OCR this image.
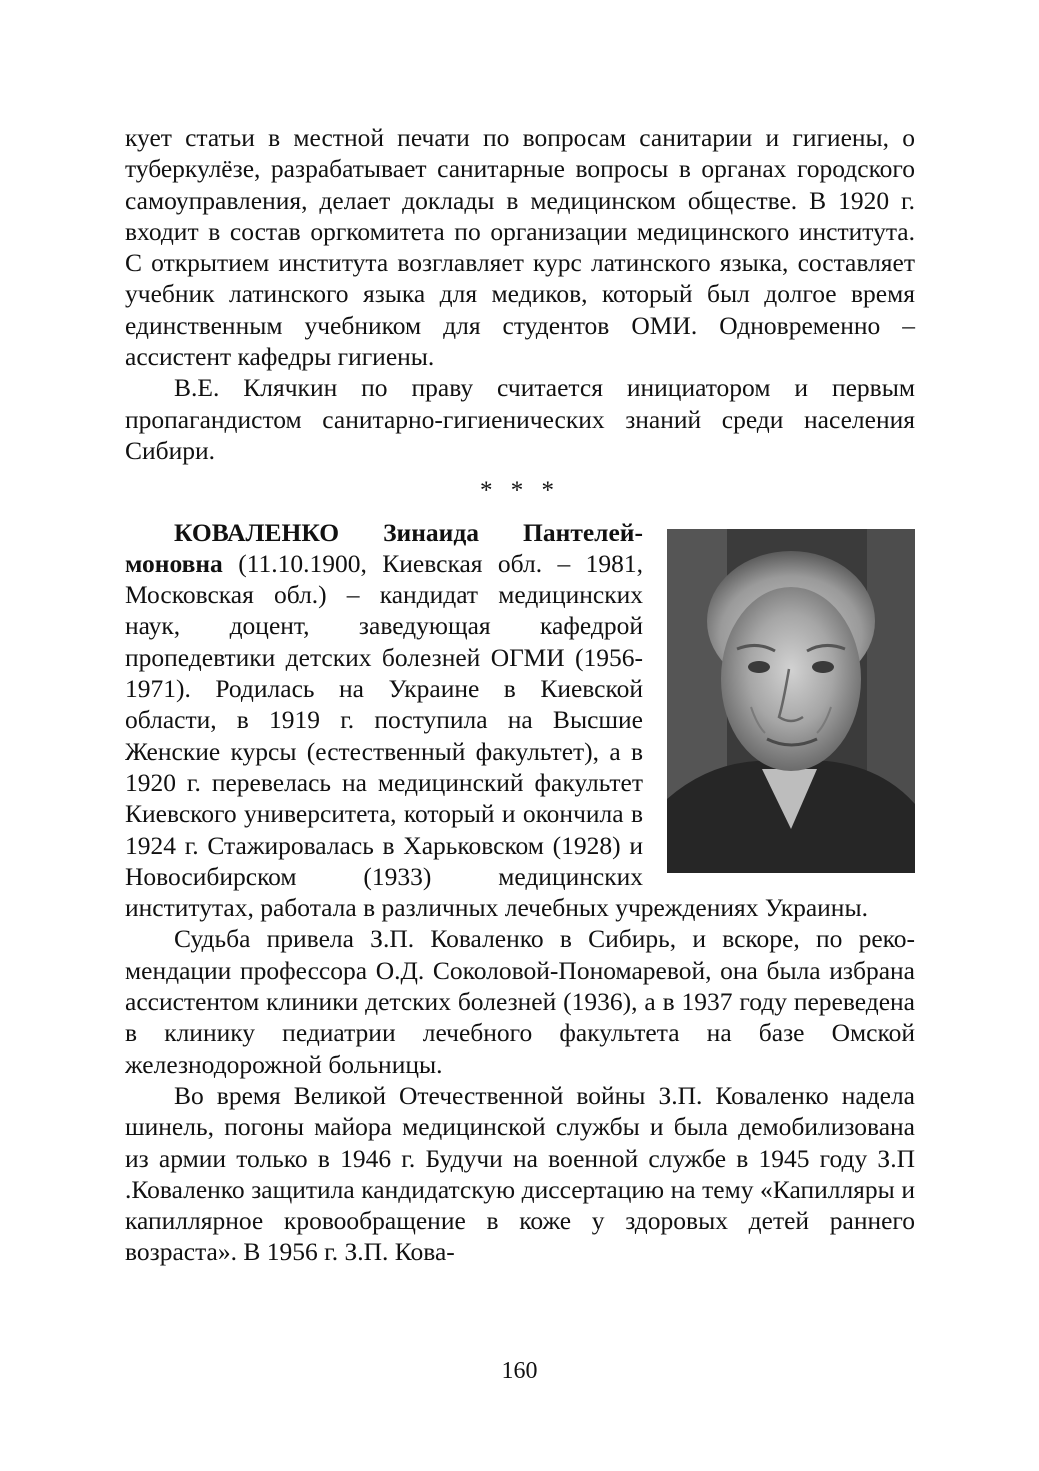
кует статьи в местной печати по вопросам санитарии и гигиены, о туберкулёзе, разрабатывает санитарные вопросы в органах городского самоуправления, делает доклады в медицинском обществе. В 1920 г. входит в состав оргкомитета по организации медицинского института. С открытием института возглавляет курс латинского языка, составляет учебник латинского языка для медиков, который был долгое время единственным учебником для студентов ОМИ. Одновременно – ассистент кафедры гигиены.

В.Е. Клячкин по праву считается инициатором и первым пропагандистом санитарно-гигиенических знаний среди населения Сибири.

* * *

КОВАЛЕНКО Зинаида Пантелеймоновна (11.10.1900, Киевская обл. – 1981, Московская обл.) – кандидат медицинских наук, доцент, заведующая кафедрой пропедевтики детских болезней ОГМИ (1956-1971). Родилась на Украине в Киевской области, в 1919 г. поступила на Высшие Женские курсы (естественный факультет), а в 1920 г. перевелась на медицинский факультет Киевского университета, который и окончила в 1924 г. Стажировалась в Харьковском (1928) и Новосибирском (1933) медицинских институтах, работала в различных лечебных учреждениях Украины.

Судьба привела З.П. Коваленко в Сибирь, и вскоре, по рекомендации профессора О.Д. Соколовой-Пономаревой, она была избрана ассистентом клиники детских болезней (1936), а в 1937 году переведена в клинику педиатрии лечебного факультета на базе Омской железнодорожной больницы.

Во время Великой Отечественной войны З.П. Коваленко надела шинель, погоны майора медицинской службы и была демобилизована из армии только в 1946 г. Будучи на военной службе в 1945 году З.П .Коваленко защитила кандидатскую диссертацию на тему «Капилляры и капиллярное кровообращение в коже у здоровых детей раннего возраста». В 1956 г. З.П. Кова-

160
